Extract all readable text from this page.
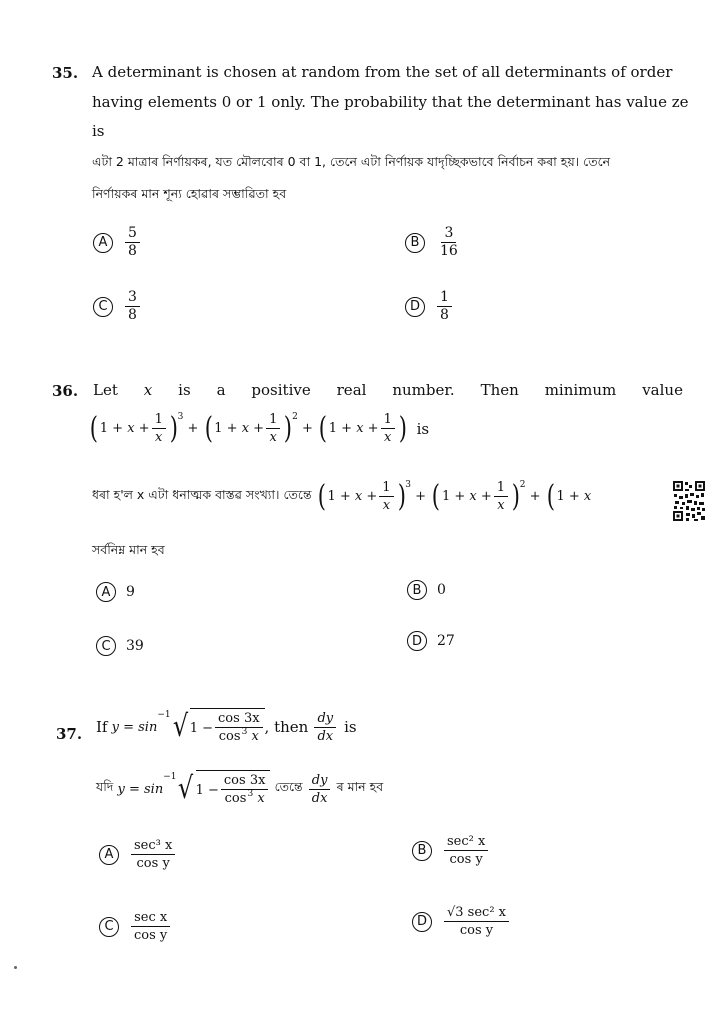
35. A determinant is chosen at random from the set of all determinants of order
having elements 0 or 1 only. The probability that the determinant has value ze
is
এটা 2 মাত্ৰাৰ নিৰ্ণায়কৰ, যত মৌলবোৰ 0 বা 1, তেনে এটা নিৰ্ণায়ক যাদৃচ্ছিকভাবে নিৰ্বাচন কৰা হয়। তেনে
নিৰ্ণায়কৰ মান শূন্য হোৱাৰ সম্ভাৱিতা হব
A	$\frac{5}{8}$	B	$\frac{3}{16}$
C	$\frac{3}{8}$	D	$\frac{1}{8}$
36. Let x is a positive real number. Then minimum value
( 1
+
x
+ $\frac{1}{x}$ ) 3

+
( 1
+
x
+ $\frac{1}{x}$ ) 2

+
( 1
+
x
+ $\frac{1}{x}$ ) is
ধৰা হ'ল x এটা ধনাত্মক বাস্তৱ সংখ্যা। তেন্তে
( 1
+
x
+ $\frac{1}{x}$ ) 3

+
( 1
+
x
+ $\frac{1}{x}$ ) 2

+
( 1
+
x
সৰ্বনিম্ন মান হব
A	9	B	0
C	39	D	27
37. If
y = sin
−1 √ $1 - \frac{\cos 3x}{\cos^3 x}$ , then
$\frac{dy}{dx}$ is
যদি
y = sin
−1 √ $1 - \frac{\cos 3x}{\cos^3 x}$
তেন্তে
$\frac{dy}{dx}$
ৰ মান হব
A	$\frac{\text{sec³ x}}{\text{cos y}}$	B	$\frac{\text{sec² x}}{\text{cos y}}$
C	$\frac{\text{sec x}}{\text{cos y}}$	D	$\frac{\text{√3 sec² x}}{\text{cos y}}$
